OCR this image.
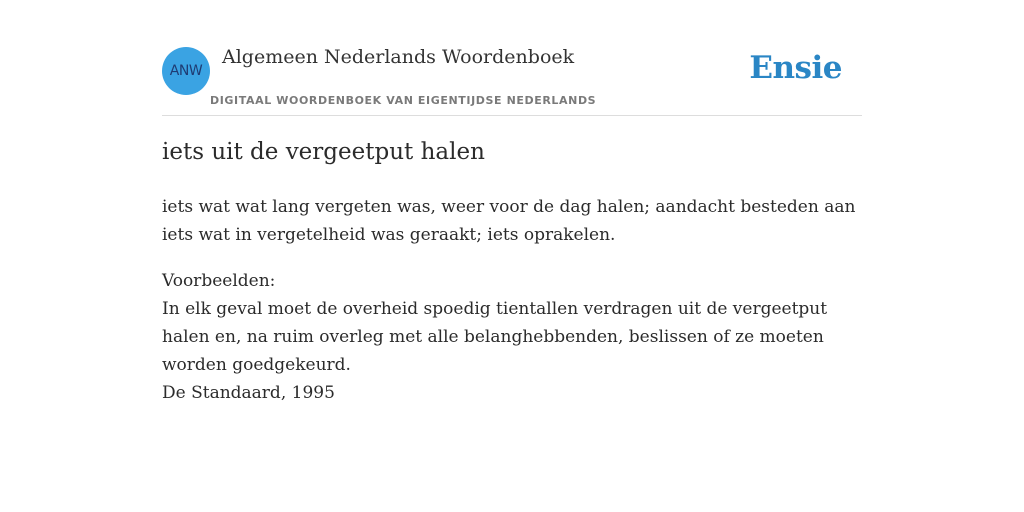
ANW
Algemeen Nederlands Woordenboek
DIGITAAL WOORDENBOEK VAN EIGENTIJDSE NEDERLANDS
Ensie
iets uit de vergeetput halen

iets wat wat lang vergeten was, weer voor de dag halen; aandacht besteden aan iets wat in vergetelheid was geraakt; iets oprakelen.

Voorbeelden:
In elk geval moet de overheid spoedig tientallen verdragen uit de vergeetput halen en, na ruim overleg met alle belanghebbenden, beslissen of ze moeten worden goedgekeurd.
De Standaard, 1995
